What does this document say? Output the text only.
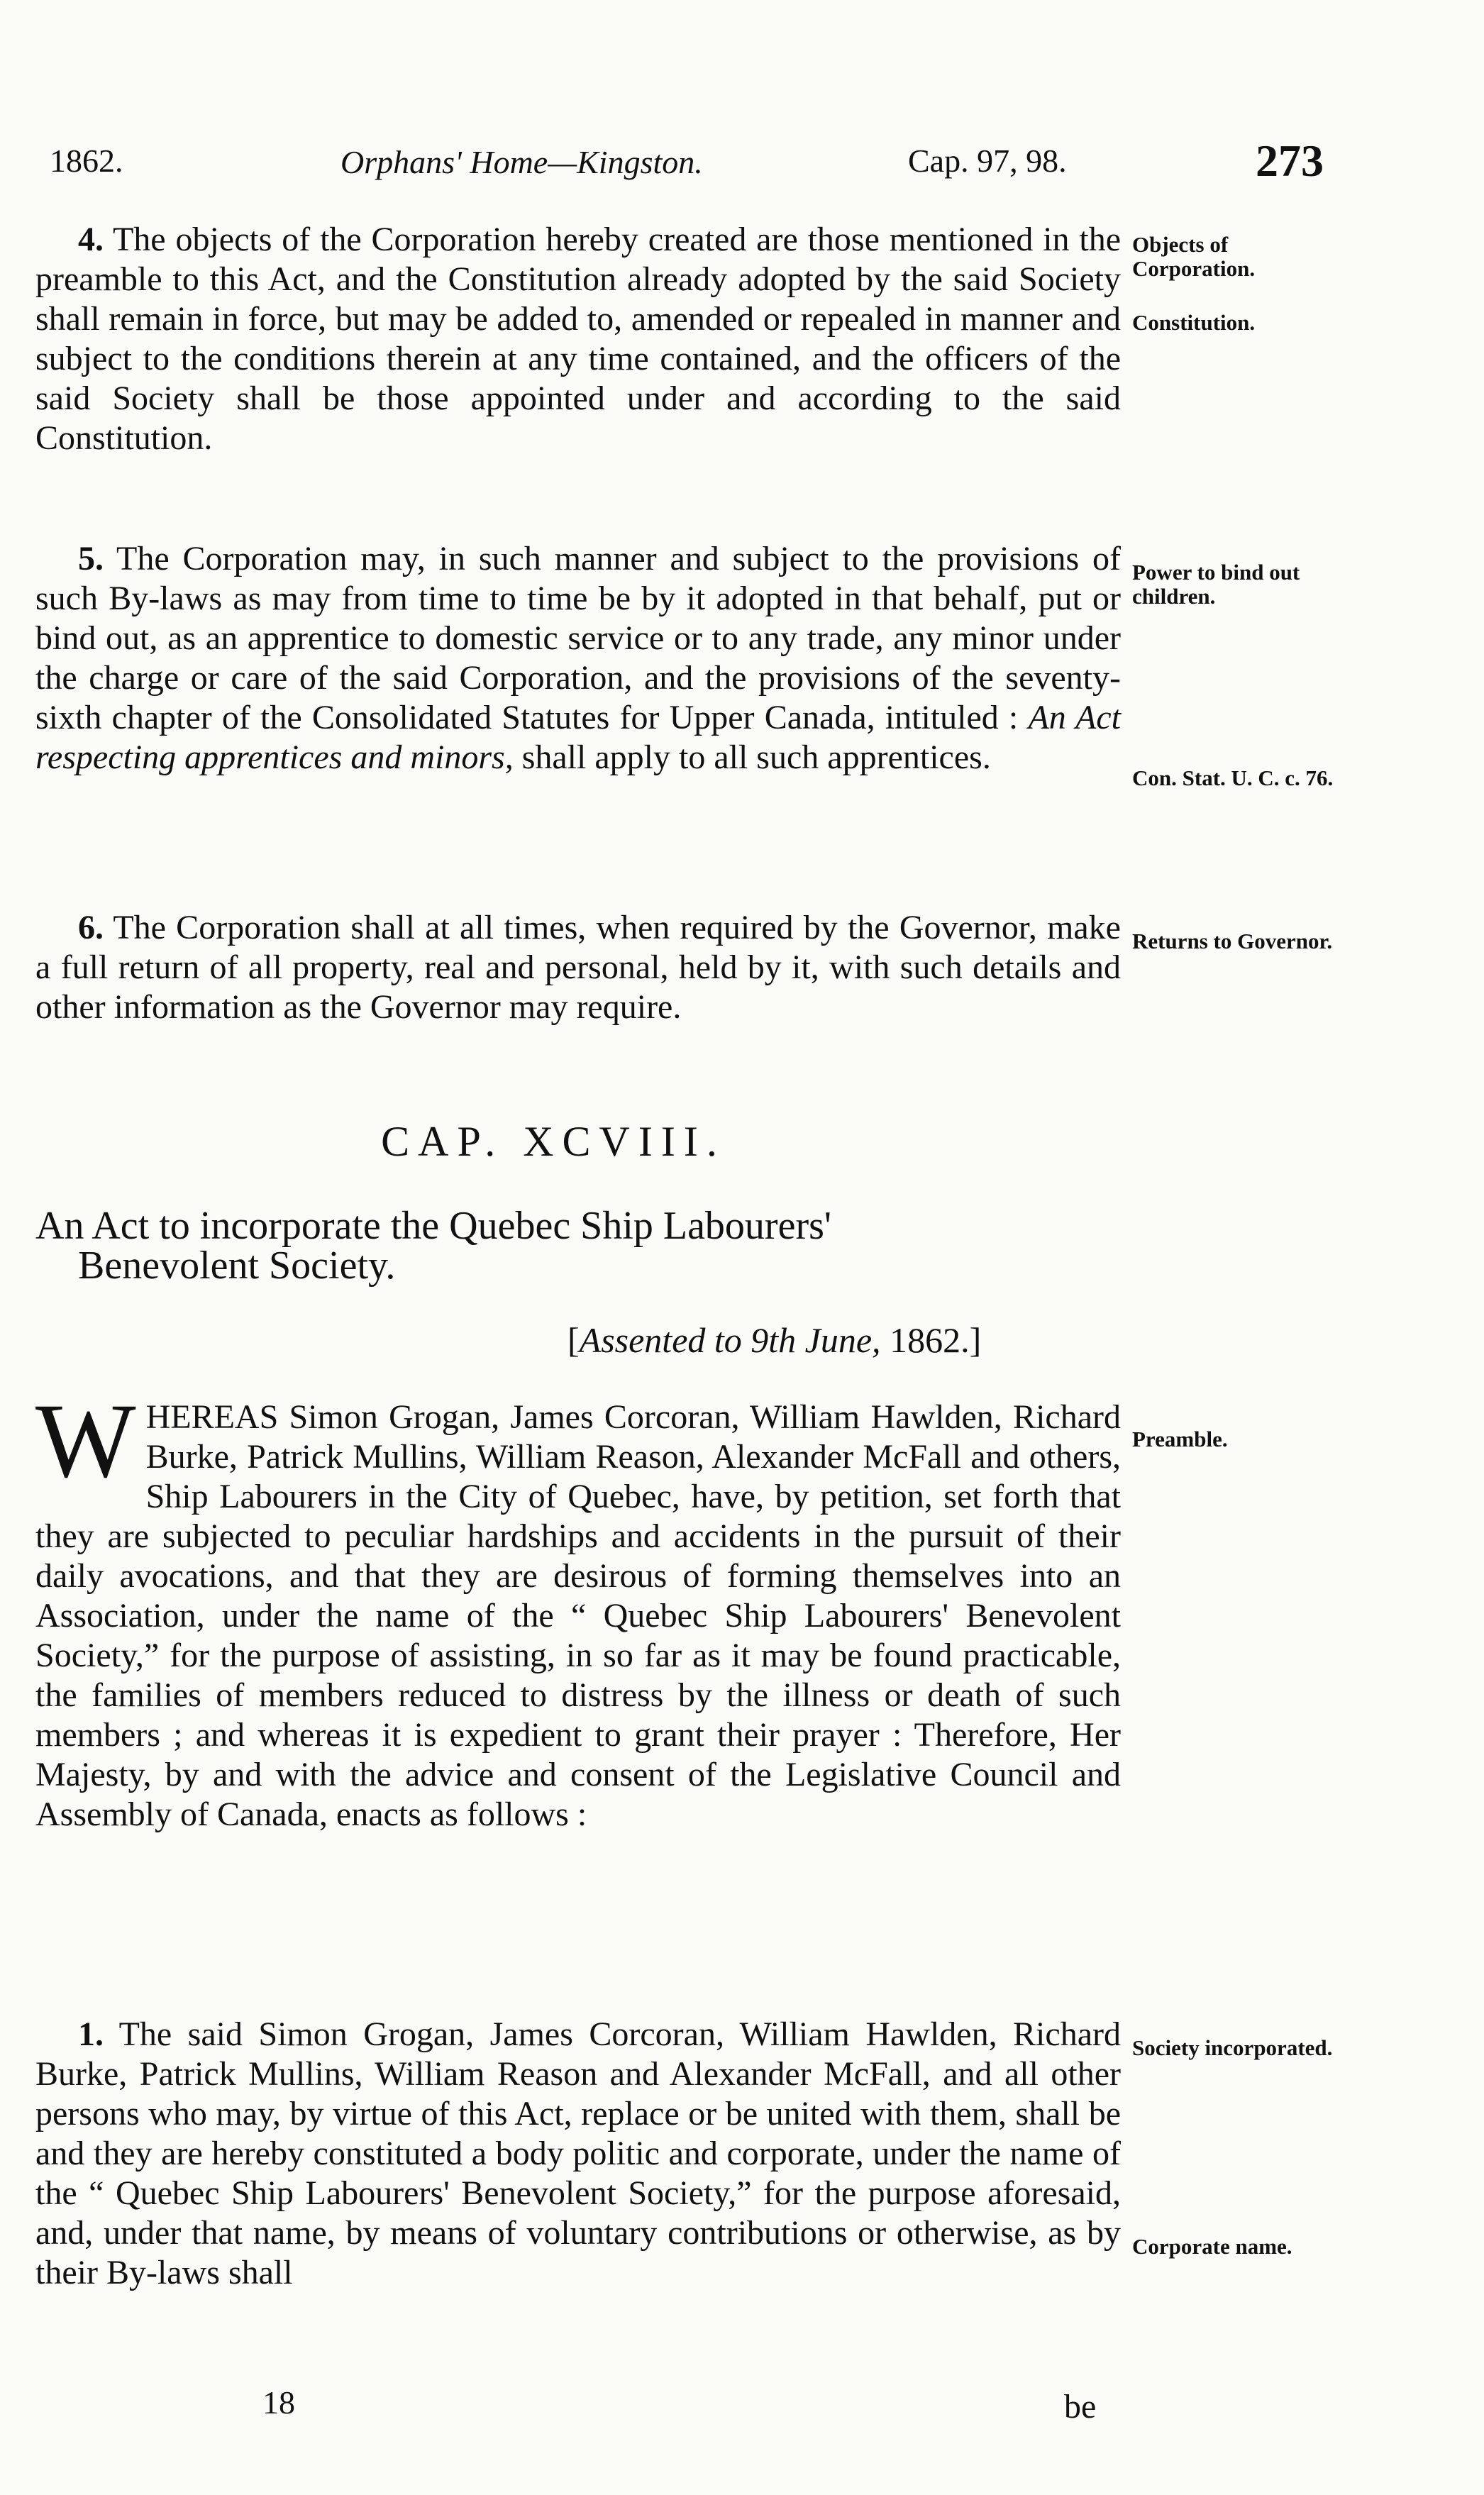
1862.	Orphans' Home—Kingston.	Cap. 97, 98.	273

4. The objects of the Corporation hereby created are those mentioned in the preamble to this Act, and the Constitution already adopted by the said Society shall remain in force, but may be added to, amended or repealed in manner and subject to the conditions therein at any time contained, and the officers of the said Society shall be those appointed under and according to the said Constitution.

Objects of Corporation.
Constitution.

5. The Corporation may, in such manner and subject to the provisions of such By-laws as may from time to time be by it adopted in that behalf, put or bind out, as an apprentice to domestic service or to any trade, any minor under the charge or care of the said Corporation, and the provisions of the seventy-sixth chapter of the Consolidated Statutes for Upper Canada, intituled : An Act respecting apprentices and minors, shall apply to all such apprentices.

Power to bind out children.
Con. Stat. U. C. c. 76.

6. The Corporation shall at all times, when required by the Governor, make a full return of all property, real and personal, held by it, with such details and other information as the Governor may require.

Returns to Governor.
CAP. XCVIII.
An Act to incorporate the Quebec Ship Labourers'
Benevolent Society.
[Assented to 9th June, 1862.]
W HEREAS Simon Grogan, James Corcoran, William Hawlden, Richard Burke, Patrick Mullins, William Reason, Alexander McFall and others, Ship Labourers in the City of Quebec, have, by petition, set forth that they are subjected to peculiar hardships and accidents in the pursuit of their daily avocations, and that they are desirous of forming themselves into an Association, under the name of the “ Quebec Ship Labourers' Benevolent Society,” for the purpose of assisting, in so far as it may be found practicable, the families of members reduced to distress by the illness or death of such members ; and whereas it is expedient to grant their prayer : Therefore, Her Majesty, by and with the advice and consent of the Legislative Council and Assembly of Canada, enacts as follows :
Preamble.

1. The said Simon Grogan, James Corcoran, William Hawlden, Richard Burke, Patrick Mullins, William Reason and Alexander McFall, and all other persons who may, by virtue of this Act, replace or be united with them, shall be and they are hereby constituted a body politic and corporate, under the name of the “ Quebec Ship Labourers' Benevolent Society,” for the purpose aforesaid, and, under that name, by means of voluntary contributions or otherwise, as by their By-laws shall

Society incorporated.
Corporate name.
18	be
